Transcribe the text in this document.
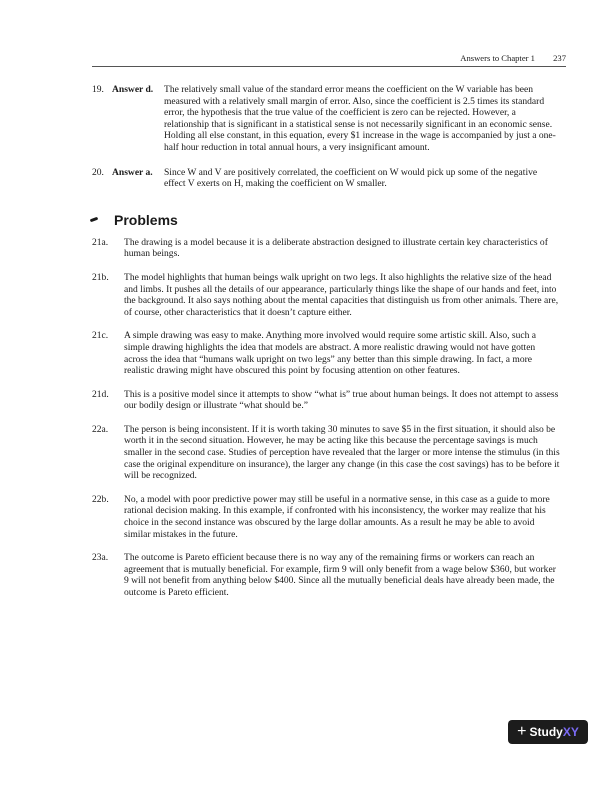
Answers to Chapter 1 237
19. Answer d.	The relatively small value of the standard error means the coefficient on the W variable has been measured with a relatively small margin of error. Also, since the coefficient is 2.5 times its standard error, the hypothesis that the true value of the coefficient is zero can be rejected. However, a relationship that is significant in a statistical sense is not necessarily significant in an economic sense. Holding all else constant, in this equation, every $1 increase in the wage is accompanied by just a one-half hour reduction in total annual hours, a very insignificant amount.
20. Answer a.	Since W and V are positively correlated, the coefficient on W would pick up some of the negative effect V exerts on H, making the coefficient on W smaller.
Problems
21a.	The drawing is a model because it is a deliberate abstraction designed to illustrate certain key characteristics of human beings.
21b.	The model highlights that human beings walk upright on two legs. It also highlights the relative size of the head and limbs. It pushes all the details of our appearance, particularly things like the shape of our hands and feet, into the background. It also says nothing about the mental capacities that distinguish us from other animals. There are, of course, other characteristics that it doesn’t capture either.
21c.	A simple drawing was easy to make. Anything more involved would require some artistic skill. Also, such a simple drawing highlights the idea that models are abstract. A more realistic drawing would not have gotten across the idea that “humans walk upright on two legs” any better than this simple drawing. In fact, a more realistic drawing might have obscured this point by focusing attention on other features.
21d.	This is a positive model since it attempts to show “what is” true about human beings. It does not attempt to assess our bodily design or illustrate “what should be.”
22a.	The person is being inconsistent. If it is worth taking 30 minutes to save $5 in the first situation, it should also be worth it in the second situation. However, he may be acting like this because the percentage savings is much smaller in the second case. Studies of perception have revealed that the larger or more intense the stimulus (in this case the original expenditure on insurance), the larger any change (in this case the cost savings) has to be before it will be recognized.
22b.	No, a model with poor predictive power may still be useful in a normative sense, in this case as a guide to more rational decision making. In this example, if confronted with his inconsistency, the worker may realize that his choice in the second instance was obscured by the large dollar amounts. As a result he may be able to avoid similar mistakes in the future.
23a.	The outcome is Pareto efficient because there is no way any of the remaining firms or workers can reach an agreement that is mutually beneficial. For example, firm 9 will only benefit from a wage below $360, but worker 9 will not benefit from anything below $400. Since all the mutually beneficial deals have already been made, the outcome is Pareto efficient.
+ Study XY
